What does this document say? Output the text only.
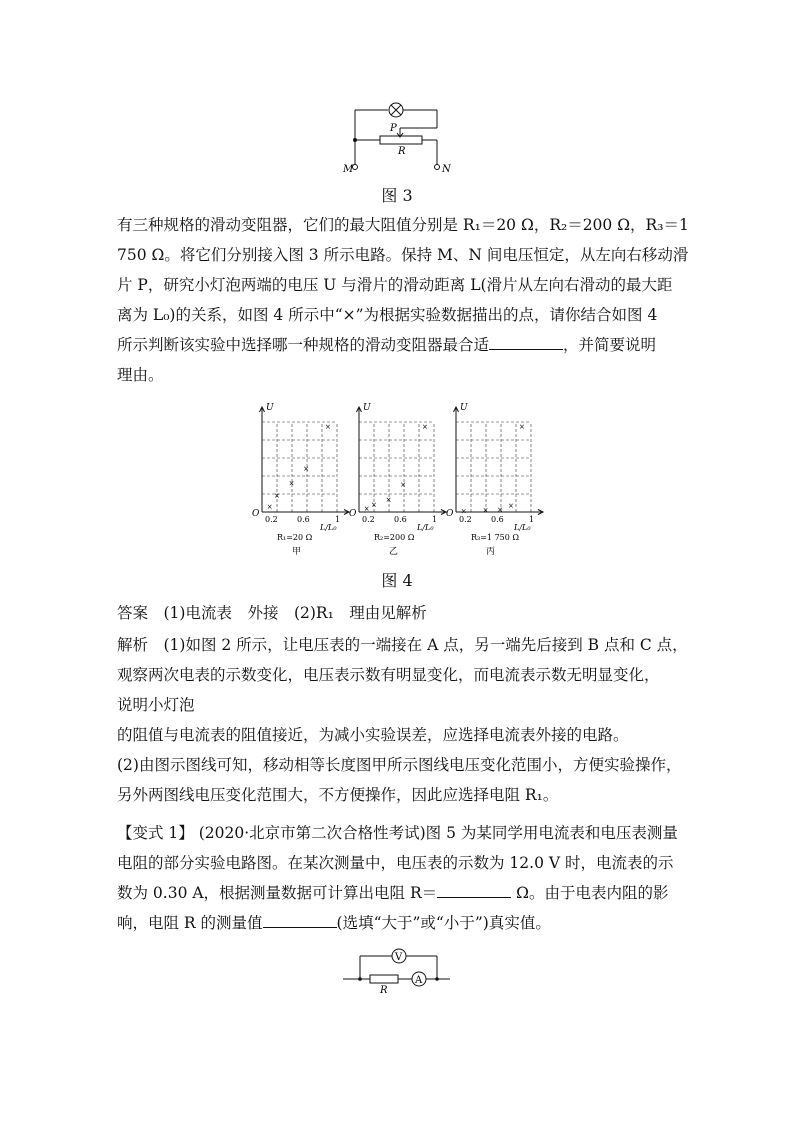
P
R
M	N
图 3
有三种规格的滑动变阻器，它们的最大阻值分别是 R₁＝20 Ω，R₂＝200 Ω，R₃＝1
750 Ω。将它们分别接入图 3 所示电路。保持 M、N 间电压恒定，从左向右移动滑
片 P，研究小灯泡两端的电压 U 与滑片的滑动距离 L(滑片从左向右滑动的最大距
离为 L₀)的关系，如图 4 所示中“×”为根据实验数据描出的点，请你结合如图 4
所示判断该实验中选择哪一种规格的滑动变阻器最合适	，并简要说明
理由。
U
O
0.2 0.6	1
L/L₀
R₁=20 Ω
甲
×
×
×
×
×
U
O
0.2 0.6	1
L/L₀
R₂=200 Ω
乙
× ×
×
×
×
U
O
0.2 0.6	1
L/L₀
R₃=1 750 Ω
丙
× × × ×
×
图 4
答案　(1)电流表　外接　(2)R₁　理由见解析
解析　(1)如图 2 所示，让电压表的一端接在 A 点，另一端先后接到 B 点和 C 点，
观察两次电表的示数变化，电压表示数有明显变化，而电流表示数无明显变化，
说明小灯泡
的阻值与电流表的阻值接近，为减小实验误差，应选择电流表外接的电路。
(2)由图示图线可知，移动相等长度图甲所示图线电压变化范围小，方便实验操作，
另外两图线电压变化范围大，不方便操作，因此应选择电阻 R₁。
【变式 1】 (2020·北京市第二次合格性考试)图 5 为某同学用电流表和电压表测量
电阻的部分实验电路图。在某次测量中，电压表的示数为 12.0 V 时，电流表的示
数为 0.30 A，根据测量数据可计算出电阻 R＝	Ω。由于电表内阻的影
响，电阻 R 的测量值	(选填“大于”或“小于”)真实值。
V
A
R
